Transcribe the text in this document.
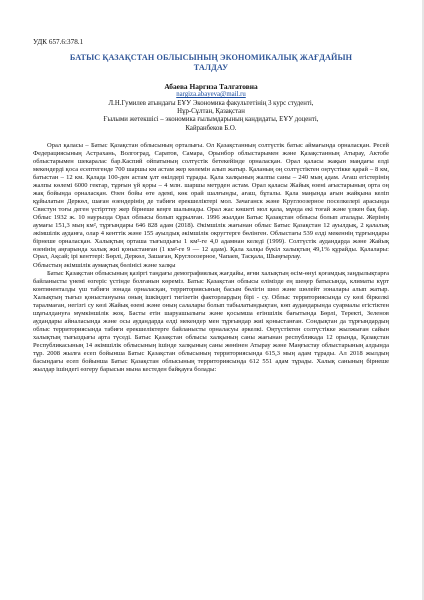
УДК 657.6:378.1
БАТЫС ҚАЗАҚСТАН ОБЛЫСЫНЫҢ ЭКОНОМИКАЛЫҚ ЖАҒДАЙЫН
ТАЛДАУ
Абаева Наргиза Талгатовна
nargiza.abayeva@mail.ru
Л.Н.Гумилев атындағы ЕҰУ Экономика факультетінің 3 курс студенті,
Нұр-Сұлтан, Қазақстан
Ғылыми жетекшісі – экономика ғылымдарының кандидаты, ЕҰУ доценті,
Кайранбеков Б.О.

Орал қаласы – Батыс Қазақстан облысының орталығы. Ол Қазақстанның солтүстік батыс аймағында орналасқан. Ресей Федерациясының Астрахань, Волгоград, Саратов, Самара, Орынбор облыстарымен және Қазақстанның Атырау, Актобе облыстарымен шекаралас бар.Каспий ойпатының солтүстік бетекейінде орналасқан. Орал қаласы жақын маңдағы елді мекендерді қоса есептегенде 700 шаршы км астам жер көлемін алып жатыр. Қаланың оң солтүстіктен оңтүстікке қарай – 8 км, батыстан – 12 км. Қалада 100-ден астам ұлт өкілдері тұрады. Қала халқының жалпы саны – 240 мың адам. Ағаш егістерінің жалпы көлемі 6000 гектар, тұрғын үй қоры – 4 млн. шаршы метрден астам. Орал қаласы Жайық өзені ағыстарының орта оң жақ бойында орналасқан. Өзен бойы өте әдемі, көк орай шалғынды, ағаш, бұталы. Қала маңында ағын жайқына келіп құйылатын Деркөл, шаған өзендерінің де табиғи ерекшеліктері мол. Зачаганск және Круглоозерное поселкелері арасында Свистун тоғы деген үстірттеу жер бірнеше кеңге шалынады. Орал жас көшеті мол қала, мұнда екі тоғай және үлкен бақ бар. Облыс 1932 ж. 10 наурызда Орал облысы болып құрылған. 1996 жылдан Батыс Қазақстан облысы болып аталады. Жерінің аумағы 151,3 мың км², тұрғындары 646 828 адам (2018). Әкімшілік жағынан облыс Батыс Қазақстан 12 ауылдық, 2 қалалық әкімшілік ауданға, олар 4 кенттік және 155 ауылдық әкімшілік округтерге бөлінген. Облыстағы 539 елді мекеннің тұрғындары бірнеше орналасқан. Халықтың орташа тығыздығы 1 км²-ге 4,0 адамнан келеді (1999). Солтүстік аудандарда және Жайық өзенінің аңғарында халық жиі қоныстанған (1 км²-ге 9 — 12 адам). Қала халқы бүкіл халықтың 49,1% құрайды. Қалалары: Орал, Ақсай; ірі кенттері: Бөрлі, Деркөл, Зашаған, Круглоозерное, Чапаев, Тасқала, Шыңғырлау.

Облыстың әкімшілік аумақтық бөлінісі және халқы

Батыс Қазақстан облысының қазіргі таңдағы демографиялық жағдайы, яғни халықтың өсім-өнуі қоғамдық заңдылықтарға байланысты үнемі өзгеріс үстінде болғанын көреміз. Батыс Қазақстан облысы елімізде ең шеңер батысында, климаты күрт континенталды үш табиғи зонада орналасқан, территориясының басым бөлігін шөл және шөлейт зоналары алып жатыр. Халықтың тығыз қоныстануына оның ішкіндегі тигізетін факторлардың бірі - су. Облыс территориясында су көзі біркелкі таралмаған, негізгі су көзі Жайық өзені және оның салалары болып табылатындықтан, көп аудандарында суармалы егістіктен шұғылдануға мүмкіншілік жоқ. Басты етін шаруашылығы және қосымша егіншілік бағытында Бөрлі, Теректі, Зеленов аудандары айналасында және осы аудандарда елді мекендер мен тұрғындар жиі қоныстанған. Сондықтан да тұрғындардың облыс территориясында табиғи ерекшеліктерге байланысты орналасуы әркелкі. Оңтүстіктен солтүстікке жылжыған сайын халықтың тығыздығы арта түседі. Батыс Қазақстан облысы халқының саны жағынан республикада 12 орында, Қазақстан Республикасының 14 әкімшілік облысының ішінде халқының саны жөнінен Атырау және Маңғыстау облыстарының алдында тұр. 2008 жылға есеп бойынша Батыс Қазақстан облысының территориясында 615,3 мың адам тұрады. Ал 2018 жылдың басындағы есеп бойынша Батыс Қазақстан облысының территориясында 612 551 адам тұрады. Халық санының бірнеше жылдар ішіндегі өзгеру барысын мына кестеден байқауға болады:
